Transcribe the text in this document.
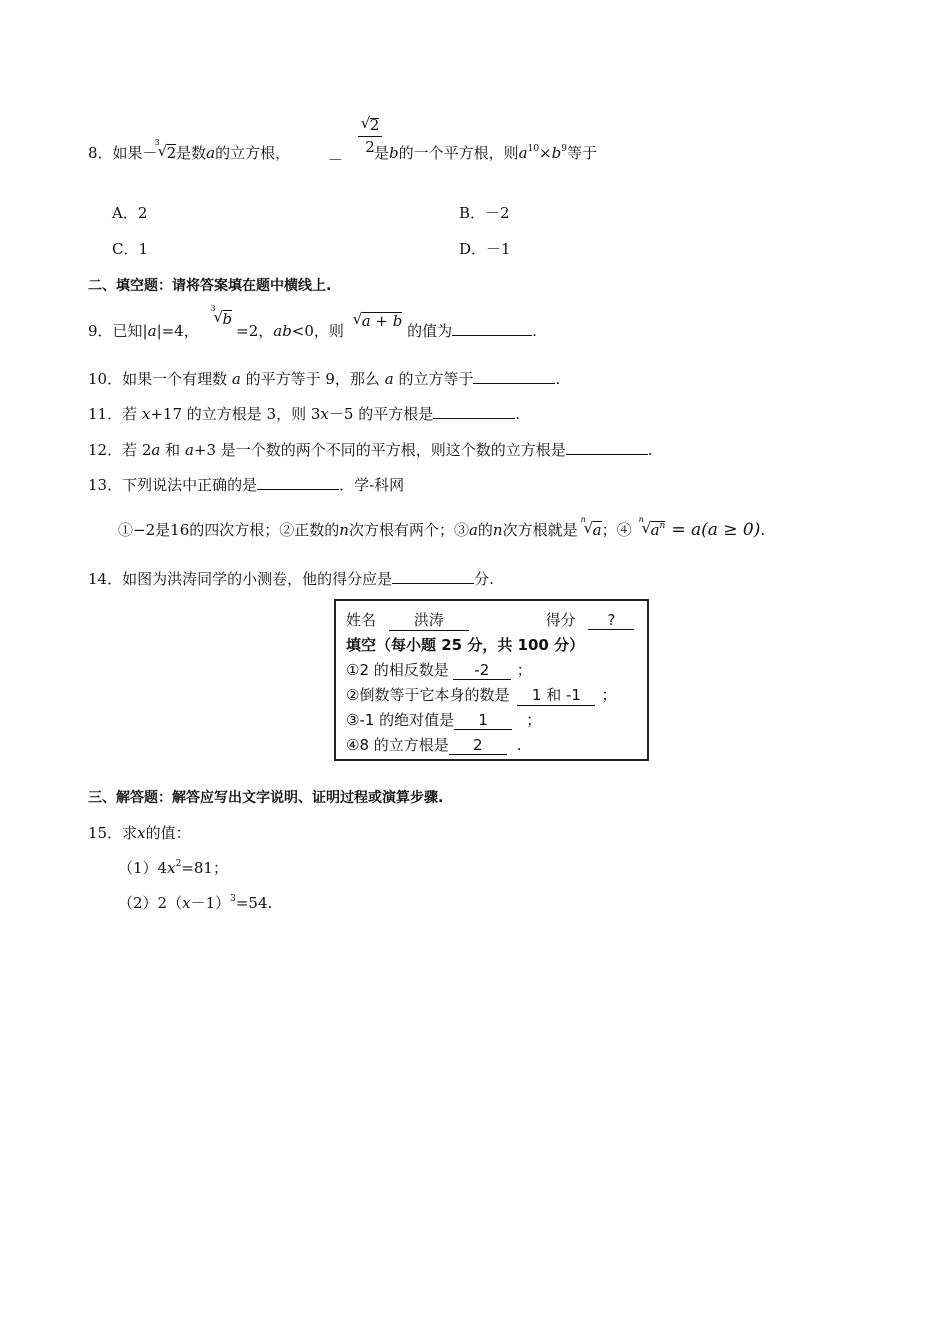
8．如果－
3
√ 2是数a的立方根，	－
$\frac{√ 2}{2}$
是b的一个平方根，则$a^{10}\times b^9$等于
A．2	B．－2
C．1	D．－1
二、填空题：请将答案填在题中横线上.
9．已知|a|=4，
3
√ b=2，ab<0，则
√ a + b 的值为	.
10．如果一个有理数 a 的平方等于 9，那么 a 的立方等于	.
11．若 x+17 的立方根是 3，则 3x－5 的平方根是	.
12．若 2a 和 a+3 是一个数的两个不同的平方根，则这个数的立方根是	.
13．下列说法中正确的是	．学-科网
①−2是16的四次方根；②正数的n次方根有两个；③a的n次方根就是
n
√ a；④
n
√ $a^n = a(a \ge 0)$.
14．如图为洪涛同学的小测卷，他的得分应是	分.
姓名	洪涛	得分 ?
填空（每小题 25 分，共 100 分）
①2 的相反数是 -2 ；
②倒数等于它本身的数是 1 和 -1 ；
③-1 的绝对值是 1	；
④8 的立方根是 2 .
三、解答题：解答应写出文字说明、证明过程或演算步骤.
15．求x的值：
$(1)4x^2=81$；
$(2)2(x-1)^3=54$.
